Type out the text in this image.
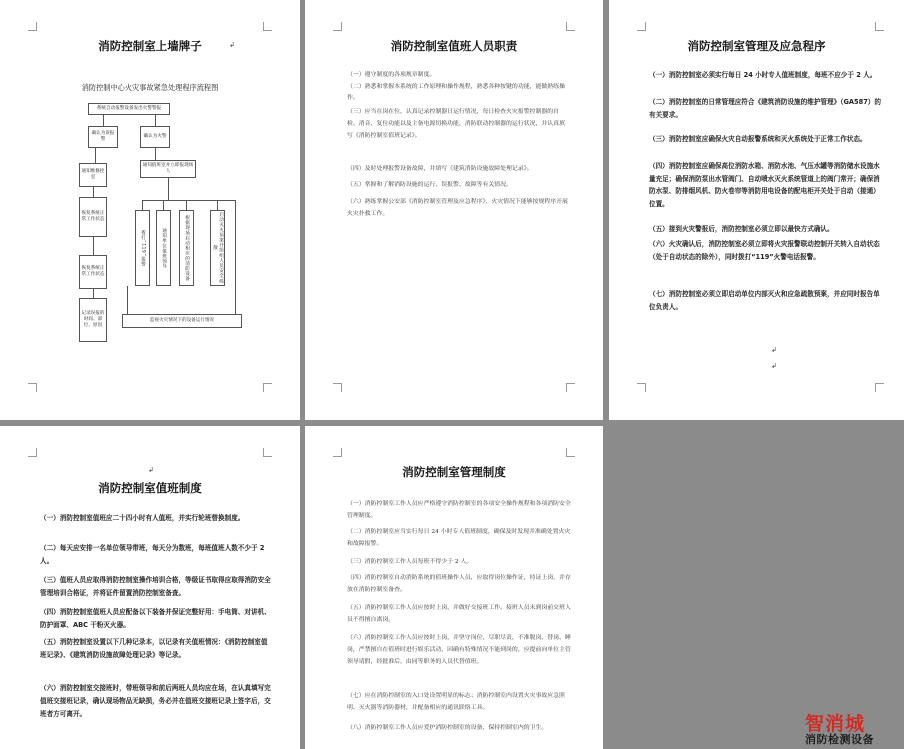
消防控制室上墙牌子	↲
消防控制中心火灾事故紧急处理程序流程图
系统自动报警设备发出火警警报
确认为误报警
确认为火警
通知维修控室
通知值班室并立即报现场人
恢复系统正常工作状态
恢复系统正常工作状态
记录误报的时间、部位、原因
拨打“119”报警	通知单位值班领导	根据现场启动相应的消防设备	启动灭火预案并组织人员安全疏散
监视火灾情况下的设备运行情况
消防控制室值班人员职责
（一）遵守制度的各项规章制度。
（二）熟悉和掌握本系统的工作原理和操作规程，熟悉各种按键的功能，能做熟练操作。
（三）应当在岗在位，认真记录控制器日运行情况，每日检查火灾报警控制器的自检、消音、复位功能以及主备电源切换功能，消防联动控制器的运行状况，并认真填写《消防控制室值班记录》。
（四）及时处理报警设备故障，并填写《建筑消防设施故障处理记录》。
（五）掌握和了解消防设施的运行、误报警、故障等有关情况。
（六）熟练掌握公安部《消防控制室管理及应急程序》，火灾情况下能够按规程序开展火灾扑救工作。
消防控制室管理及应急程序
（一）消防控制室必须实行每日 24 小时专人值班制度，每班不应少于 2 人。
（二）消防控制室的日常管理应符合《建筑消防设施的维护管理》（GA587）的有关要求。
（三）消防控制室应确保火灾自动报警系统和灭火系统处于正常工作状态。
（四）消防控制室应确保高位消防水箱、消防水池、气压水罐等消防储水设施水量充足；确保消防泵出水管阀门、自动喷水灭火系统管道上的阀门常开；确保消防水泵、防排烟风机、防火卷帘等消防用电设备的配电柜开关处于自动（接通）位置。
（五）接到火灾警报后，消防控制室必须立即以最快方式确认。
（六）火灾确认后，消防控制室必须立即将火灾报警联动控制开关转入自动状态（处于自动状态的除外），同时拨打“119”火警电话报警。
（七）消防控制室必须立即启动单位内部灭火和应急疏散预案，并应同时报告单位负责人。
↲
↲
↲
消防控制室值班制度
（一）消防控制室值班应二十四小时有人值班，并实行轮班替换制度。
（二）每天应安排一名单位领导带班，每天分为数班，每班值班人数不少于 2 人。
（三）值班人员应取得消防控制室操作培训合格，等级证书取得应取得消防安全管理培训合格证，并将证件留置消防控制室备查。
（四）消防控制室值班人员应配备以下装备并保证完整好用：手电筒、对讲机、防护面罩、ABC 干粉灭火器。
（五）消防控制室设置以下几种记录本，以记录有关值班情况：《消防控制室值班记录》、《建筑消防设施故障处理记录》等记录。
（六）消防控制室交接班时，带班领导和前后两班人员均应在场，在认真填写完值班交接班记录，确认现场物品无缺损，务必并在值班交接班记录上签字后，交班者方可离开。
消防控制室管理制度
（一）消防控制室工作人员应严格遵守消防控制室的各项安全操作规程和各项消防安全管理制度。
（二）消防控制室应当实行每日 24 小时专人值班制度，确保及时发现并准确处置火灾和故障报警。
（三）消防控制室工作人员每班不得少于 2 人。
（四）消防控制室自动消防系统的值班操作人员，应取得岗位操作证，持证上岗，并存放在消防控制室备查。
（五）消防控制室工作人员应按时上岗，并做好交接班工作。接班人员未到岗前交班人员不得擅自离岗。
（六）消防控制室工作人员应按时上岗，并坚守岗位，尽职尽责，不准脱岗、替岗、睡岗，严禁擅自在值班时进行娱乐活动，因确有特殊情况不能到岗的，应提前向单位主管领导请假，经批准后，由同等职务的人员代替值班。
（七）应在消防控制室的入口处设置明显的标志；消防控制室内设置火灾事故应急照明、灭火器等消防器材，并配备相应的通讯联络工具。
（八）消防控制室工作人员应爱护消防控制室的设备，保持控制室内的卫生。	智消城
消防检测设备
